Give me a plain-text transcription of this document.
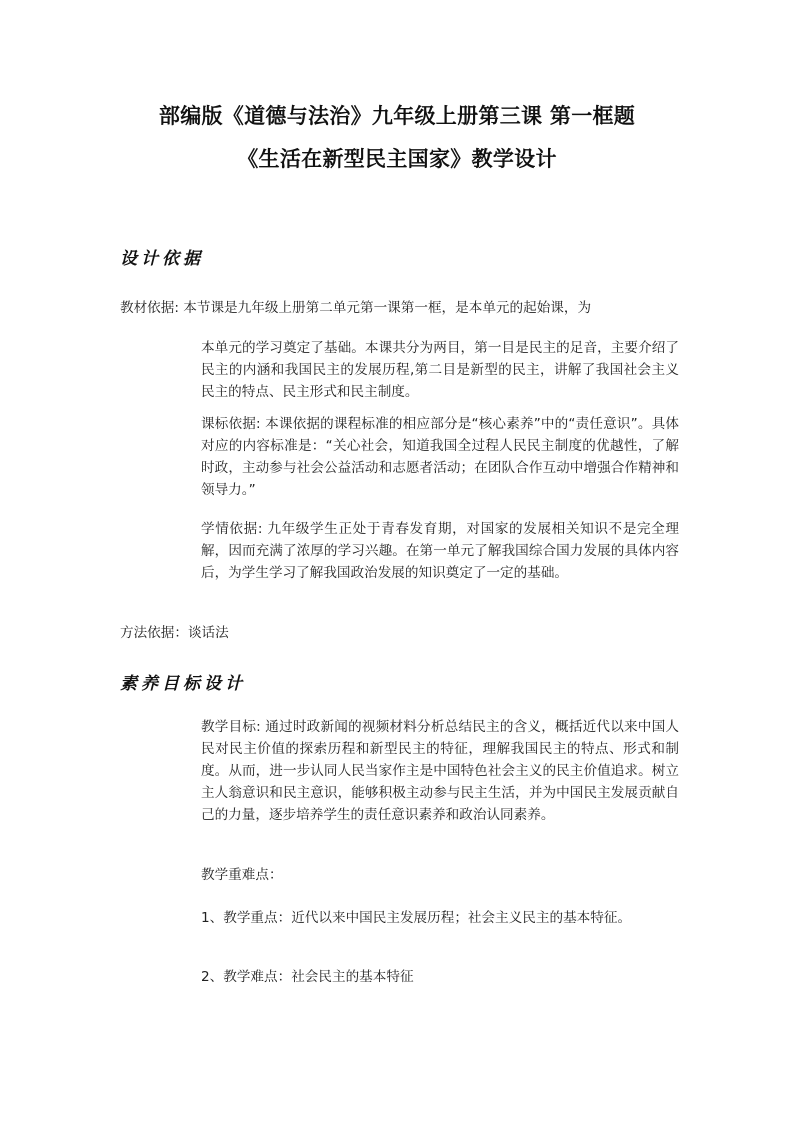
部编版《道德与法治》九年级上册第三课 第一框题
《生活在新型民主国家》教学设计
设计依据

教材依据: 本节课是九年级上册第二单元第一课第一框，是本单元的起始课，为

本单元的学习奠定了基础。本课共分为两目，第一目是民主的足音，主要介绍了民主的内涵和我国民主的发展历程,第二目是新型的民主，讲解了我国社会主义民主的特点、民主形式和民主制度。

课标依据: 本课依据的课程标准的相应部分是“核心素养”中的“责任意识”。具体对应的内容标准是：“关心社会，知道我国全过程人民民主制度的优越性，了解时政，主动参与社会公益活动和志愿者活动；在团队合作互动中增强合作精神和领导力。”

学情依据: 九年级学生正处于青春发育期，对国家的发展相关知识不是完全理解，因而充满了浓厚的学习兴趣。在第一单元了解我国综合国力发展的具体内容后，为学生学习了解我国政治发展的知识奠定了一定的基础。

方法依据：谈话法

素养目标设计

教学目标: 通过时政新闻的视频材料分析总结民主的含义，概括近代以来中国人民对民主价值的探索历程和新型民主的特征，理解我国民主的特点、形式和制度。从而，进一步认同人民当家作主是中国特色社会主义的民主价值追求。树立主人翁意识和民主意识，能够积极主动参与民主生活，并为中国民主发展贡献自己的力量，逐步培养学生的责任意识素养和政治认同素养。

教学重难点：

1、教学重点：近代以来中国民主发展历程；社会主义民主的基本特征。

2、教学难点：社会民主的基本特征
